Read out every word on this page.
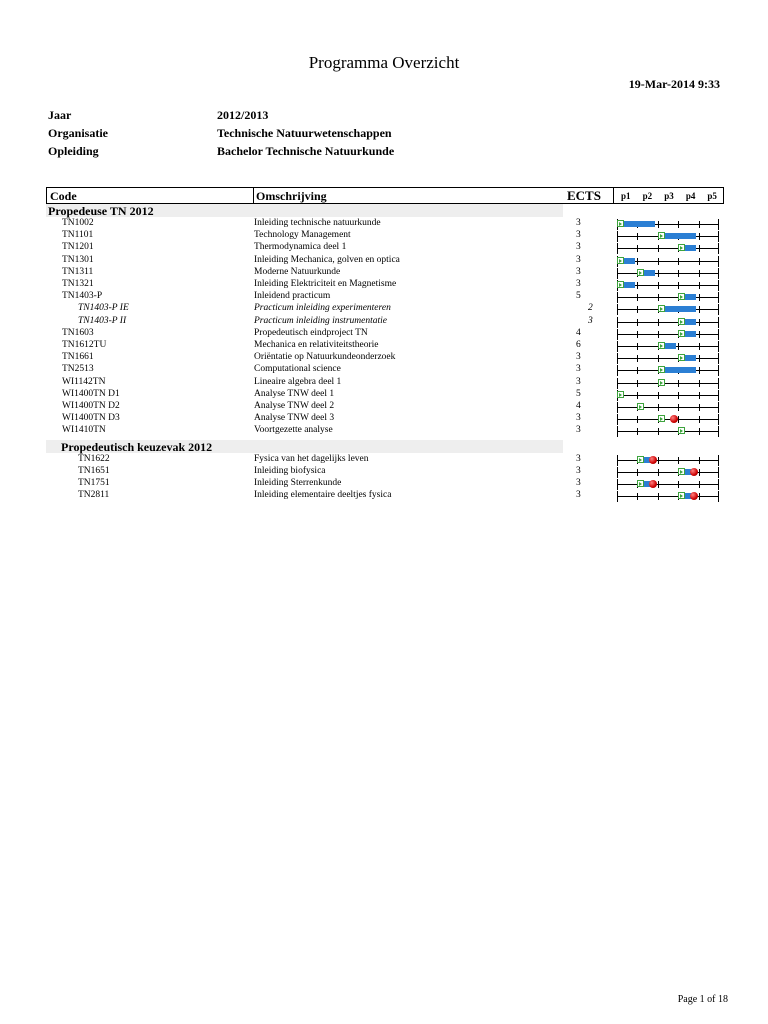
Programma Overzicht
19-Mar-2014 9:33
Jaar	2012/2013
Organisatie	Technische Natuurwetenschappen
Opleiding	Bachelor Technische Natuurkunde
Code	Omschrijving	ECTS p1 p2 p3 p4 p5
Propedeuse TN 2012
TN1002	Inleiding technische natuurkunde	3
TN1101	Technology Management	3
TN1201	Thermodynamica deel 1	3
TN1301	Inleiding Mechanica, golven en optica	3
TN1311	Moderne Natuurkunde	3
TN1321	Inleiding Elektriciteit en Magnetisme	3
TN1403-P	Inleidend practicum	5
TN1403-P IE	Practicum inleiding experimenteren	2
TN1403-P II	Practicum inleiding instrumentatie	3
TN1603	Propedeutisch eindproject TN	4
TN1612TU	Mechanica en relativiteitstheorie	6
TN1661	Oriëntatie op Natuurkundeonderzoek	3
TN2513	Computational science	3
WI1142TN	Lineaire algebra deel 1	3
WI1400TN D1	Analyse TNW deel 1	5
WI1400TN D2	Analyse TNW deel 2	4
WI1400TN D3	Analyse TNW deel 3	3
WI1410TN	Voortgezette analyse	3
Propedeutisch keuzevak 2012
TN1622	Fysica van het dagelijks leven	3
TN1651	Inleiding biofysica	3
TN1751	Inleiding Sterrenkunde	3
TN2811	Inleiding elementaire deeltjes fysica	3
Page 1 of 18
